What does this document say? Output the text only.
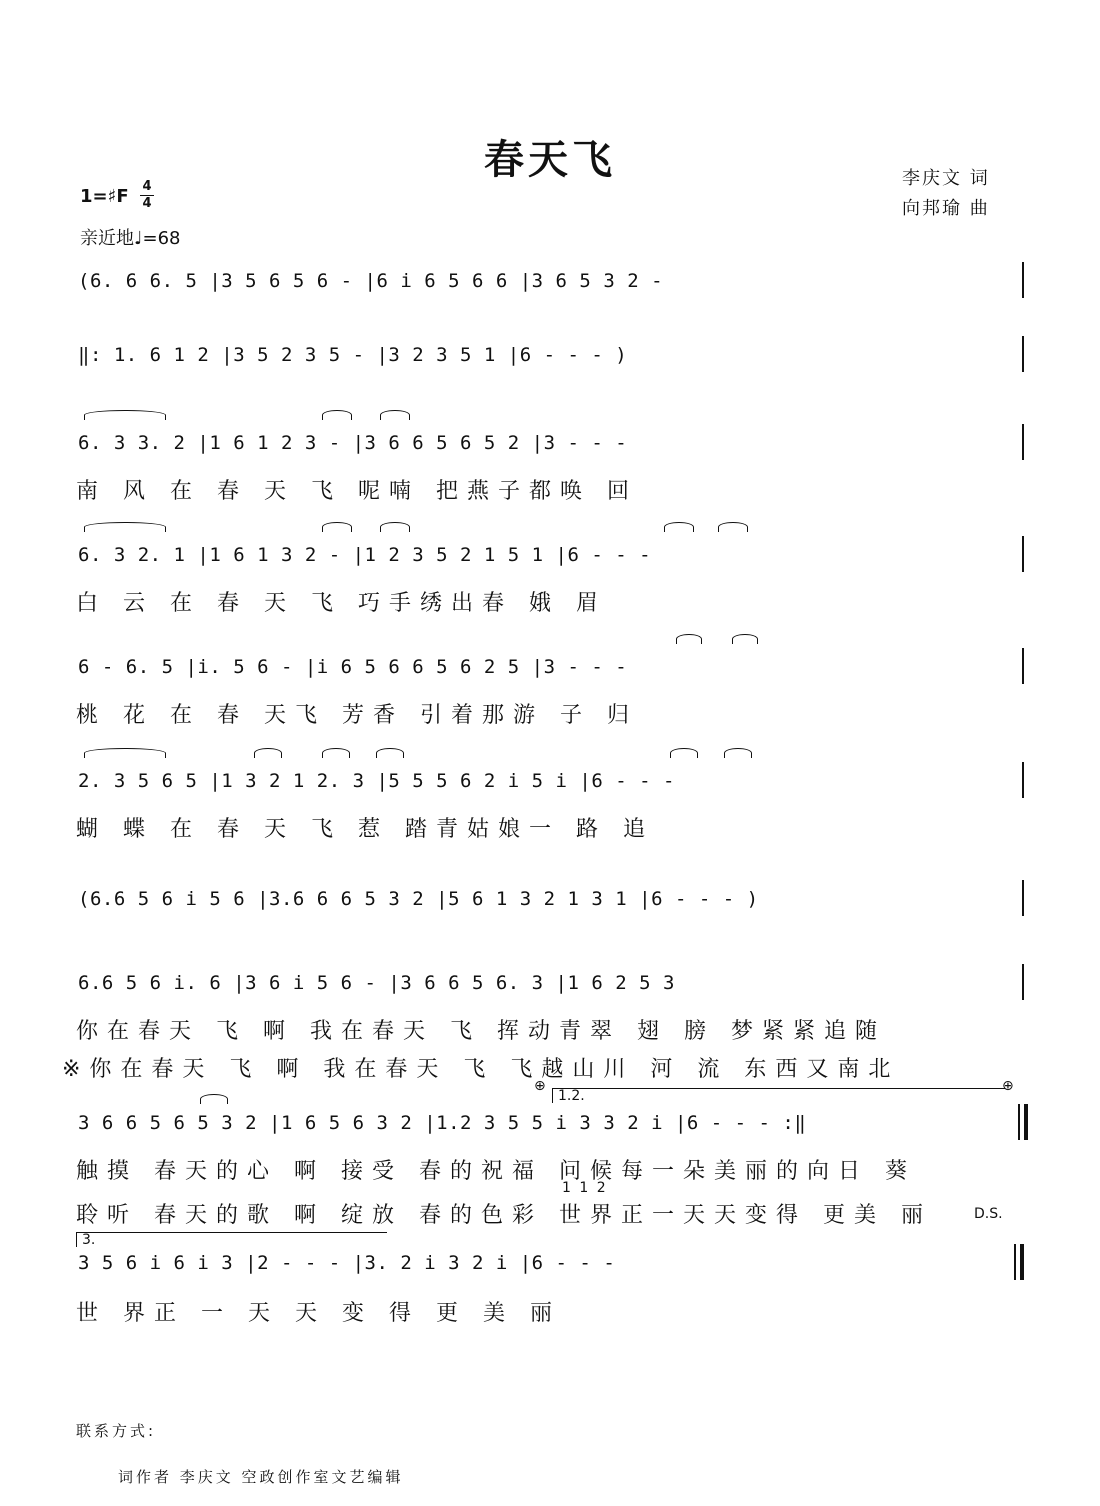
春天飞	李庆文 词
向邦瑜 曲
1=♯F 4
4
亲近地♩=68
(6. 6 6. 5 |3 5 6 5 6 - |6 i 6 5 6 6 |3 6 5 3 2 -
‖: 1. 6 1 2 |3 5 2 3 5 - |3 2 3 5 1 |6 - - - )
6. 3 3. 2 |1 6 1 2 3 - |3 6 6 5 6 5 2 |3 - - -
南 风 在 春 天 飞 呢喃 把燕子都唤 回
6. 3 2. 1 |1 6 1 3 2 - |1 2 3 5 2 1 5 1 |6 - - -
白 云 在 春 天 飞 巧手绣出春 娥 眉
6 - 6. 5 |i. 5 6 - |i 6 5 6 6 5 6 2 5 |3 - - -
桃 花 在 春 天飞 芳香 引着那游 子 归
2. 3 5 6 5 |1 3 2 1 2. 3 |5 5 5 6 2 i 5 i |6 - - -
蝴 蝶 在 春 天 飞 惹 踏青姑娘一 路 追
(6.6 5 6 i 5 6 |3.6 6 6 5 3 2 |5 6 1 3 2 1 3 1 |6 - - - )
6.6 5 6 i. 6 |3 6 i 5 6 - |3 6 6 5 6. 3 |1 6 2 5 3
你在春天 飞 啊 我在春天 飞 挥动青翠 翅 膀 梦紧紧追随
※你在春天 飞 啊 我在春天 飞 飞越山川 河 流 东西又南北
⊕	⊕
1.2.
3 6 6 5 6 5 3 2 |1 6 5 6 3 2 |1.2 3 5 5 i 3 3 2 i |6 - - - :‖
触摸 春天的心 啊 接受 春的祝福 问候每一朵美丽的向日 葵
1 1 2
聆听 春天的歌 啊 绽放 春的色彩 世界正一天天变得 更美 丽	D.S.
3.
3 5 6 i 6 i 3 |2 - - - |3. 2 i 3 2 i |6 - - -
世 界正 一 天 天 变 得 更 美 丽
联系方式:
词作者 李庆文 空政创作室文艺编辑
